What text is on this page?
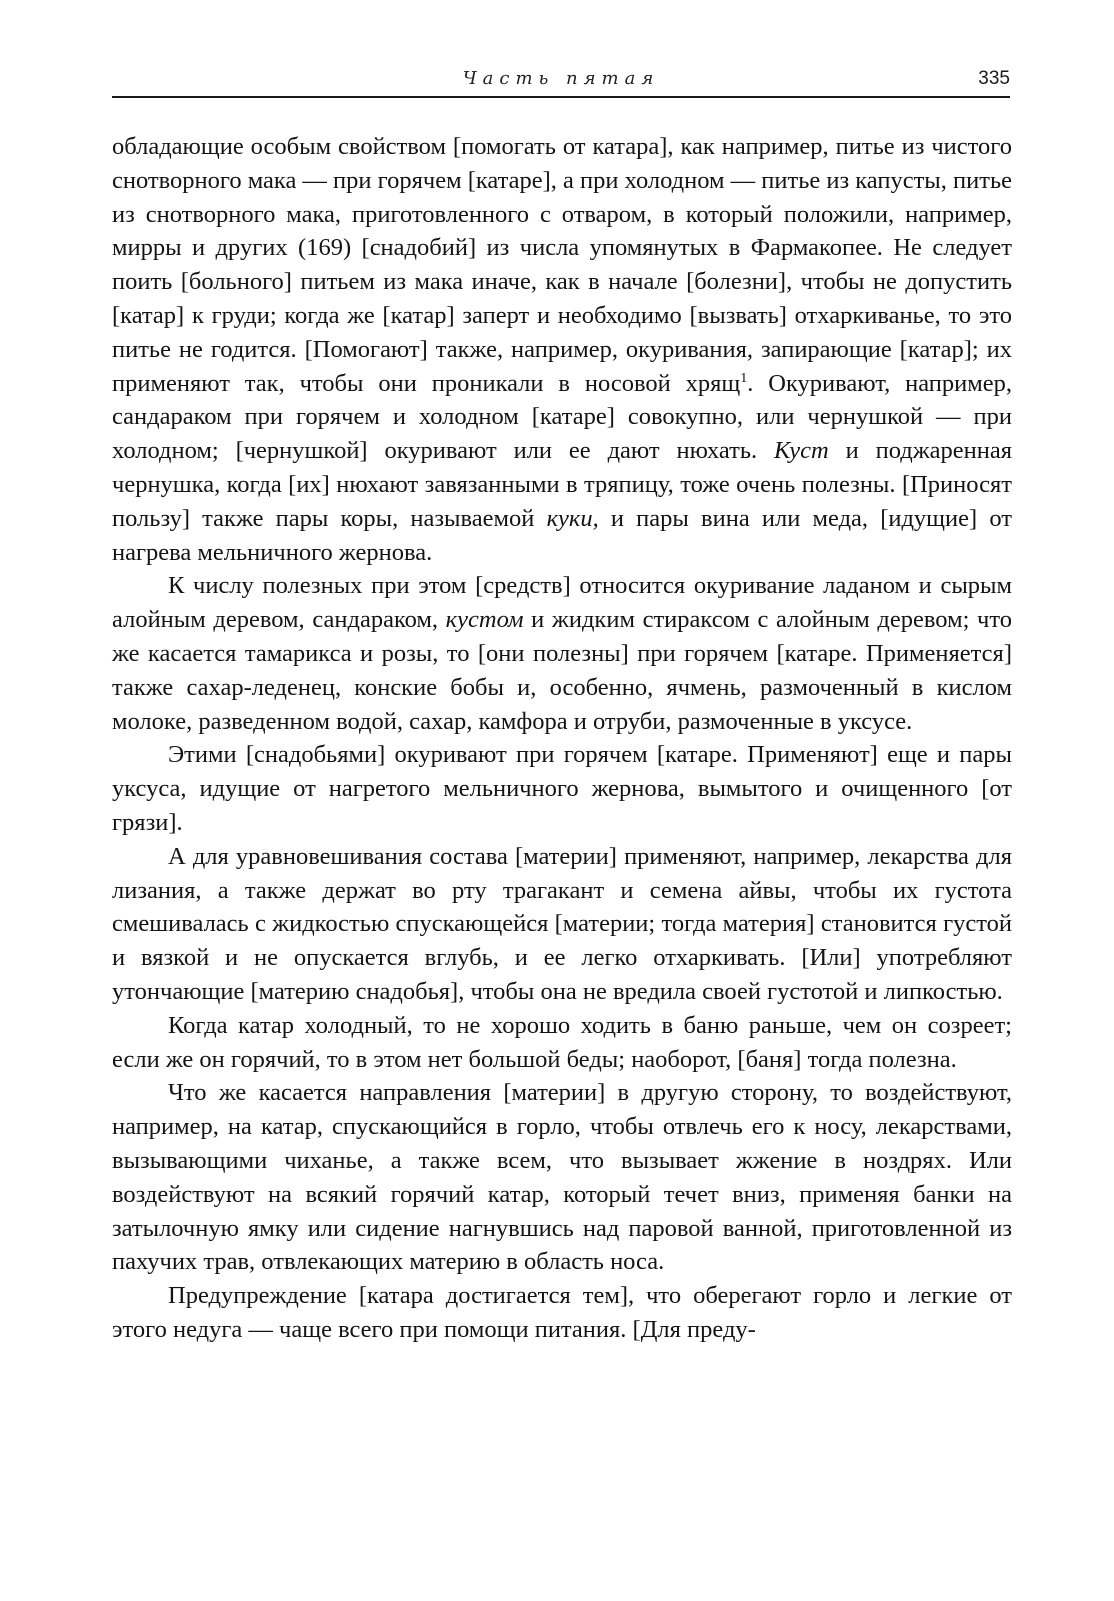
Часть пятая	335

обладающие особым свойством [помогать от катара], как например, питье из чистого снотворного мака — при горячем [катаре], а при холодном — питье из капусты, питье из снотворного мака, приготовленного с отваром, в который положили, например, мирры и других (169) [снадобий] из числа упомянутых в Фармакопее. Не следует поить [больного] питьем из мака иначе, как в начале [болезни], чтобы не допустить [катар] к груди; когда же [катар] заперт и необходимо [вызвать] отхаркиванье, то это питье не годится. [Помогают] также, например, окуривания, запирающие [катар]; их применяют так, чтобы они проникали в носовой хрящ$^1$. Окуривают, например, сандараком при горячем и холодном [катаре] совокупно, или чернушкой — при холодном; [чернушкой] окуривают или ее дают нюхать. Куст и поджаренная чернушка, когда [их] нюхают завязанными в тряпицу, тоже очень полезны. [Приносят пользу] также пары коры, называемой куки, и пары вина или меда, [идущие] от нагрева мельничного жернова.

К числу полезных при этом [средств] относится окуривание ладаном и сырым алойным деревом, сандараком, кустом и жидким стираксом с алойным деревом; что же касается тамарикса и розы, то [они полезны] при горячем [катаре. Применяется] также сахар-леденец, конские бобы и, особенно, ячмень, размоченный в кислом молоке, разведенном водой, сахар, камфора и отруби, размоченные в уксусе.

Этими [снадобьями] окуривают при горячем [катаре. Применяют] еще и пары уксуса, идущие от нагретого мельничного жернова, вымытого и очищенного [от грязи].

А для уравновешивания состава [материи] применяют, например, лекарства для лизания, а также держат во рту трагакант и семена айвы, чтобы их густота смешивалась с жидкостью спускающейся [материи; тогда материя] становится густой и вязкой и не опускается вглубь, и ее легко отхаркивать. [Или] употребляют утончающие [материю снадобья], чтобы она не вредила своей густотой и липкостью.

Когда катар холодный, то не хорошо ходить в баню раньше, чем он созреет; если же он горячий, то в этом нет большой беды; наоборот, [баня] тогда полезна.

Что же касается направления [материи] в другую сторону, то воздействуют, например, на катар, спускающийся в горло, чтобы отвлечь его к носу, лекарствами, вызывающими чиханье, а также всем, что вызывает жжение в ноздрях. Или воздействуют на всякий горячий катар, который течет вниз, применяя банки на затылочную ямку или сидение нагнувшись над паровой ванной, приготовленной из пахучих трав, отвлекающих материю в область носа.

Предупреждение [катара достигается тем], что оберегают горло и легкие от этого недуга — чаще всего при помощи питания. [Для преду-
